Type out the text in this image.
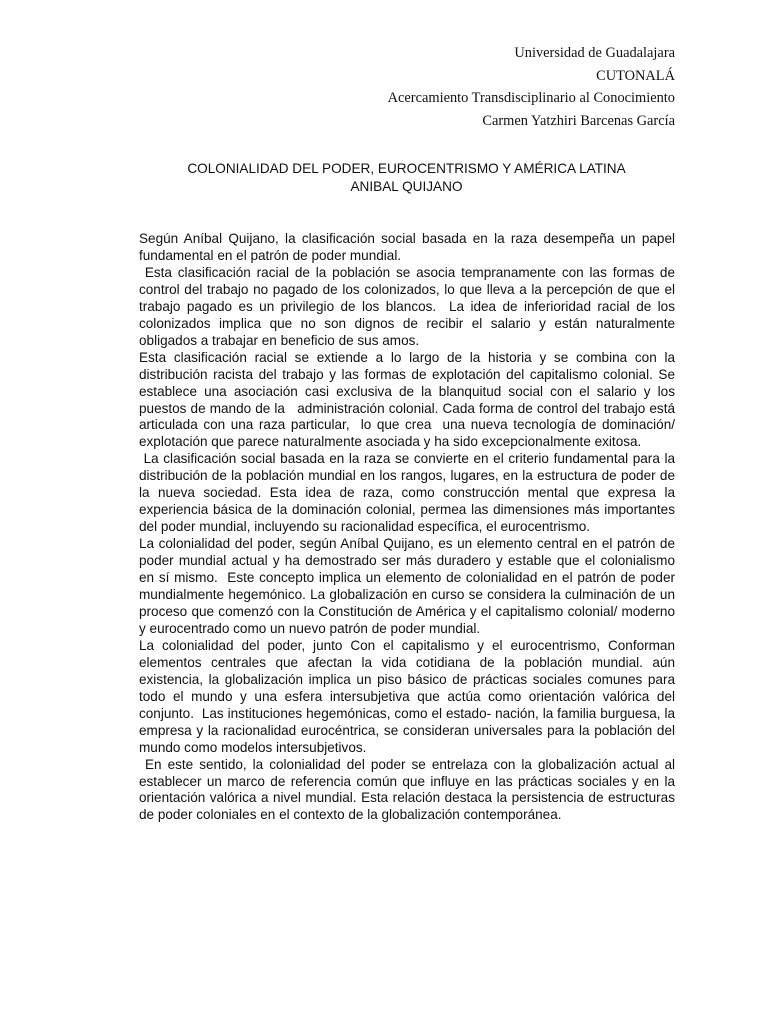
Universidad de Guadalajara
CUTONALÁ
Acercamiento Transdisciplinario al Conocimiento
Carmen Yatzhiri Barcenas García
COLONIALIDAD DEL PODER, EUROCENTRISMO Y AMÉRICA LATINA
ANIBAL QUIJANO

Según Aníbal Quijano, la clasificación social basada en la raza desempeña un papel fundamental en el patrón de poder mundial.

Esta clasificación racial de la población se asocia tempranamente con las formas de control del trabajo no pagado de los colonizados, lo que lleva a la percepción de que el trabajo pagado es un privilegio de los blancos.  La idea de inferioridad racial de los colonizados implica que no son dignos de recibir el salario y están naturalmente obligados a trabajar en beneficio de sus amos.

Esta clasificación racial se extiende a lo largo de la historia y se combina con la distribución racista del trabajo y las formas de explotación del capitalismo colonial. Se establece una asociación casi exclusiva de la blanquitud social con el salario y los puestos de mando de la   administración colonial. Cada forma de control del trabajo está articulada con una raza particular,  lo que crea  una nueva tecnología de dominación/ explotación que parece naturalmente asociada y ha sido excepcionalmente exitosa.

La clasificación social basada en la raza se convierte en el criterio fundamental para la distribución de la población mundial en los rangos, lugares, en la estructura de poder de la nueva sociedad. Esta idea de raza, como construcción mental que expresa la experiencia básica de la dominación colonial, permea las dimensiones más importantes del poder mundial, incluyendo su racionalidad específica, el eurocentrismo.

La colonialidad del poder, según Aníbal Quijano, es un elemento central en el patrón de poder mundial actual y ha demostrado ser más duradero y estable que el colonialismo en sí mismo.  Este concepto implica un elemento de colonialidad en el patrón de poder mundialmente hegemónico. La globalización en curso se considera la culminación de un proceso que comenzó con la Constitución de América y el capitalismo colonial/ moderno y eurocentrado como un nuevo patrón de poder mundial.

La colonialidad del poder, junto Con el capitalismo y el eurocentrismo, Conforman elementos centrales que afectan la vida cotidiana de la población mundial. aún existencia, la globalización implica un piso básico de prácticas sociales comunes para todo el mundo y una esfera intersubjetiva que actúa como orientación valórica del conjunto.  Las instituciones hegemónicas, como el estado- nación, la familia burguesa, la empresa y la racionalidad eurocéntrica, se consideran universales para la población del mundo como modelos intersubjetivos.

En este sentido, la colonialidad del poder se entrelaza con la globalización actual al establecer un marco de referencia común que influye en las prácticas sociales y en la orientación valórica a nivel mundial. Esta relación destaca la persistencia de estructuras de poder coloniales en el contexto de la globalización contemporánea.
